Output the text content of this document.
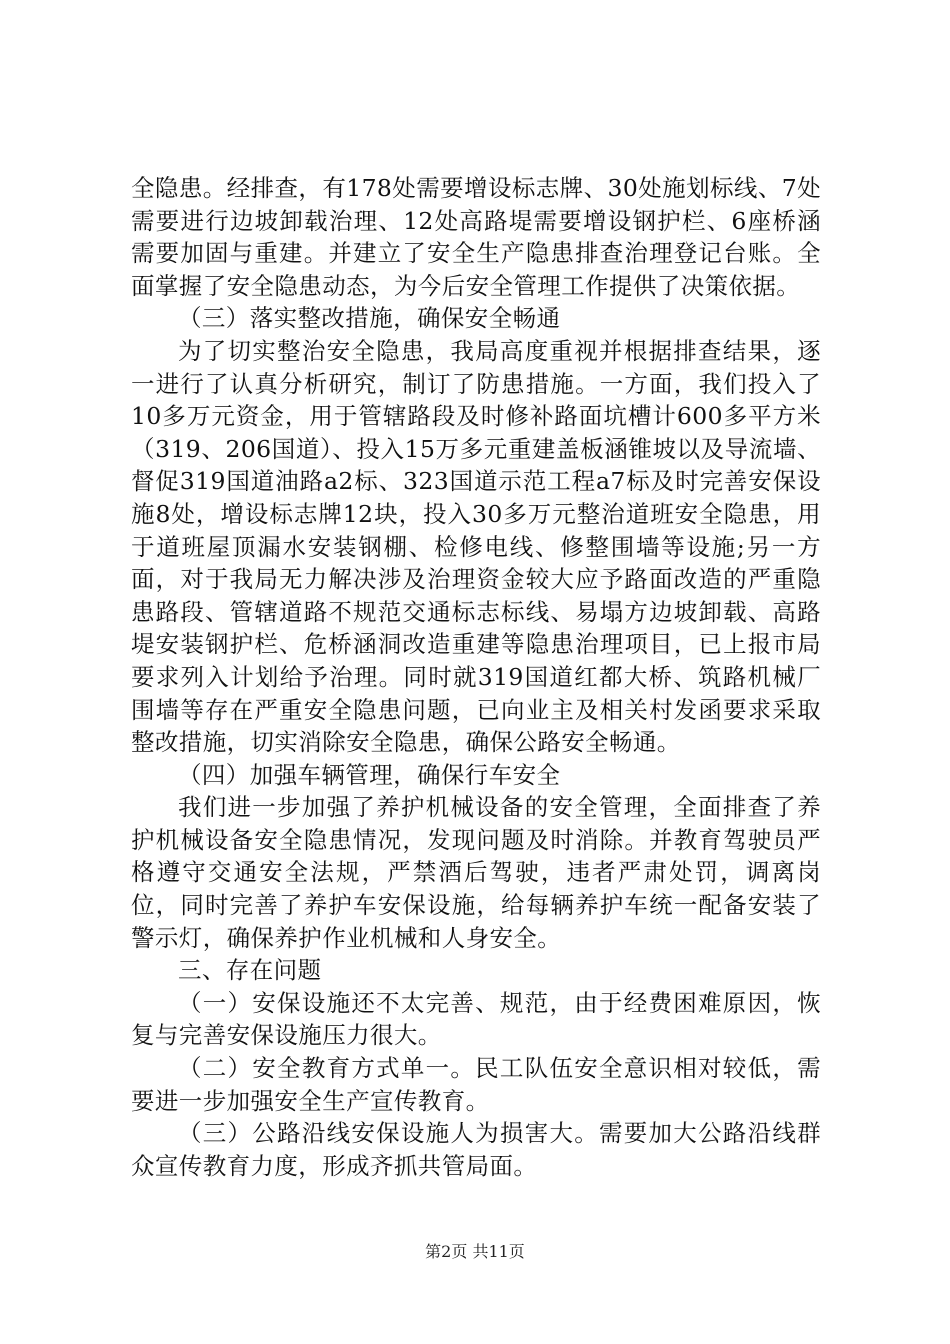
全隐患。经排查，有178处需要增设标志牌、30处施划标线、7处需要进行边坡卸载治理、12处高路堤需要增设钢护栏、6座桥涵需要加固与重建。并建立了安全生产隐患排查治理登记台账。全面掌握了安全隐患动态，为今后安全管理工作提供了决策依据。

（三）落实整改措施，确保安全畅通

为了切实整治安全隐患，我局高度重视并根据排查结果，逐一进行了认真分析研究，制订了防患措施。一方面，我们投入了10多万元资金，用于管辖路段及时修补路面坑槽计600多平方米（319、206国道）、投入15万多元重建盖板涵锥坡以及导流墙、督促319国道油路a2标、323国道示范工程a7标及时完善安保设施8处，增设标志牌12块，投入30多万元整治道班安全隐患，用于道班屋顶漏水安装钢棚、检修电线、修整围墙等设施;另一方面，对于我局无力解决涉及治理资金较大应予路面改造的严重隐患路段、管辖道路不规范交通标志标线、易塌方边坡卸载、高路堤安装钢护栏、危桥涵洞改造重建等隐患治理项目，已上报市局要求列入计划给予治理。同时就319国道红都大桥、筑路机械厂围墙等存在严重安全隐患问题，已向业主及相关村发函要求采取整改措施，切实消除安全隐患，确保公路安全畅通。

（四）加强车辆管理，确保行车安全

我们进一步加强了养护机械设备的安全管理，全面排查了养护机械设备安全隐患情况，发现问题及时消除。并教育驾驶员严格遵守交通安全法规，严禁酒后驾驶，违者严肃处罚，调离岗位，同时完善了养护车安保设施，给每辆养护车统一配备安装了警示灯，确保养护作业机械和人身安全。

三、存在问题

（一）安保设施还不太完善、规范，由于经费困难原因，恢复与完善安保设施压力很大。

（二）安全教育方式单一。民工队伍安全意识相对较低，需要进一步加强安全生产宣传教育。

（三）公路沿线安保设施人为损害大。需要加大公路沿线群众宣传教育力度，形成齐抓共管局面。

第2页 共11页
